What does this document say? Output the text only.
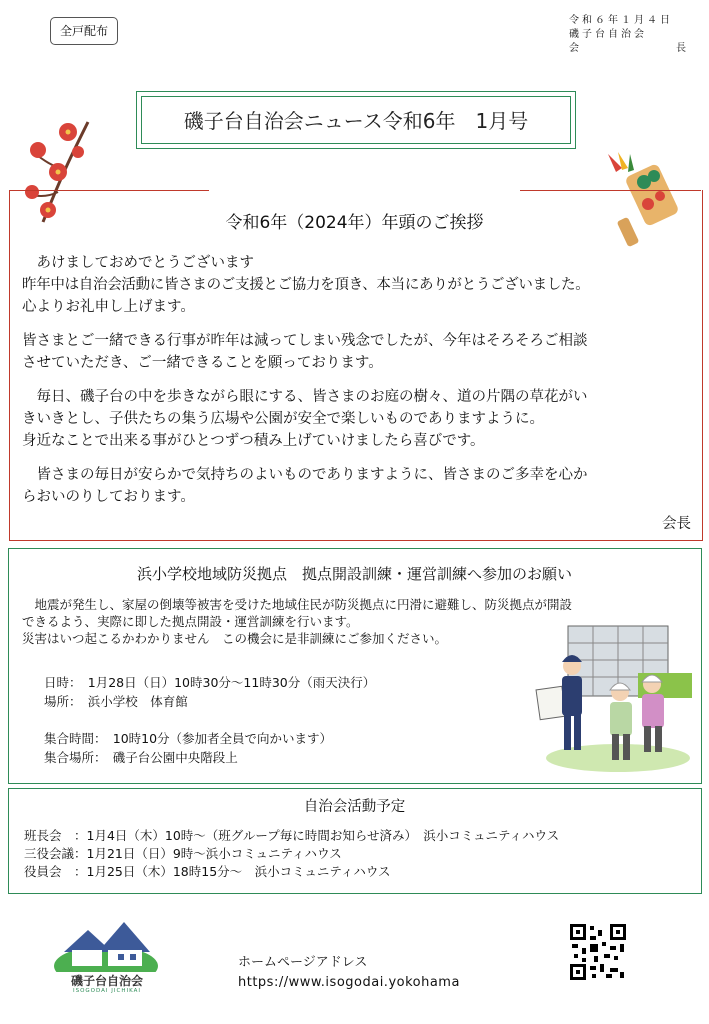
全戸配布
令和６年１月４日
磯子台自治会
会	長
磯子台自治会ニュース令和6年　1月号
令和6年（2024年）年頭のご挨拶
　あけましておめでとうございます
昨年中は自治会活動に皆さまのご支援とご協力を頂き、本当にありがとうございました。
心よりお礼申し上げます。
皆さまとご一緒できる行事が昨年は減ってしまい残念でしたが、今年はそろそろご相談
させていただき、ご一緒できることを願っております。
　毎日、磯子台の中を歩きながら眼にする、皆さまのお庭の樹々、道の片隅の草花がい
きいきとし、子供たちの集う広場や公園が安全で楽しいものでありますように。
身近なことで出来る事がひとつずつ積み上げていけましたら喜びです。
　皆さまの毎日が安らかで気持ちのよいものでありますように、皆さまのご多幸を心か
らおいのりしております。
会長
浜小学校地域防災拠点　拠点開設訓練・運営訓練へ参加のお願い
　地震が発生し、家屋の倒壊等被害を受けた地域住民が防災拠点に円滑に避難し、防災拠点が開設
できるよう、実際に即した拠点開設・運営訓練を行います。
災害はいつ起こるかわかりません　この機会に是非訓練にご参加ください。
日時：　1月28日（日）10時30分～11時30分（雨天決行）
場所：　浜小学校　体育館
集合時間：　10時10分（参加者全員で向かいます）
集合場所：　磯子台公園中央階段上
自治会活動予定
班長会　：1月4日（木）10時～（班グループ毎に時間お知らせ済み）　浜小コミュニティハウス
三役会議：1月21日（日）9時～浜小コミュニティハウス
役員会　：1月25日（木）18時15分～　浜小コミュニティハウス
磯子台自治会
ISOGODAI JICHIKAI
ホームページアドレス
https://www.isogodai.yokohama
